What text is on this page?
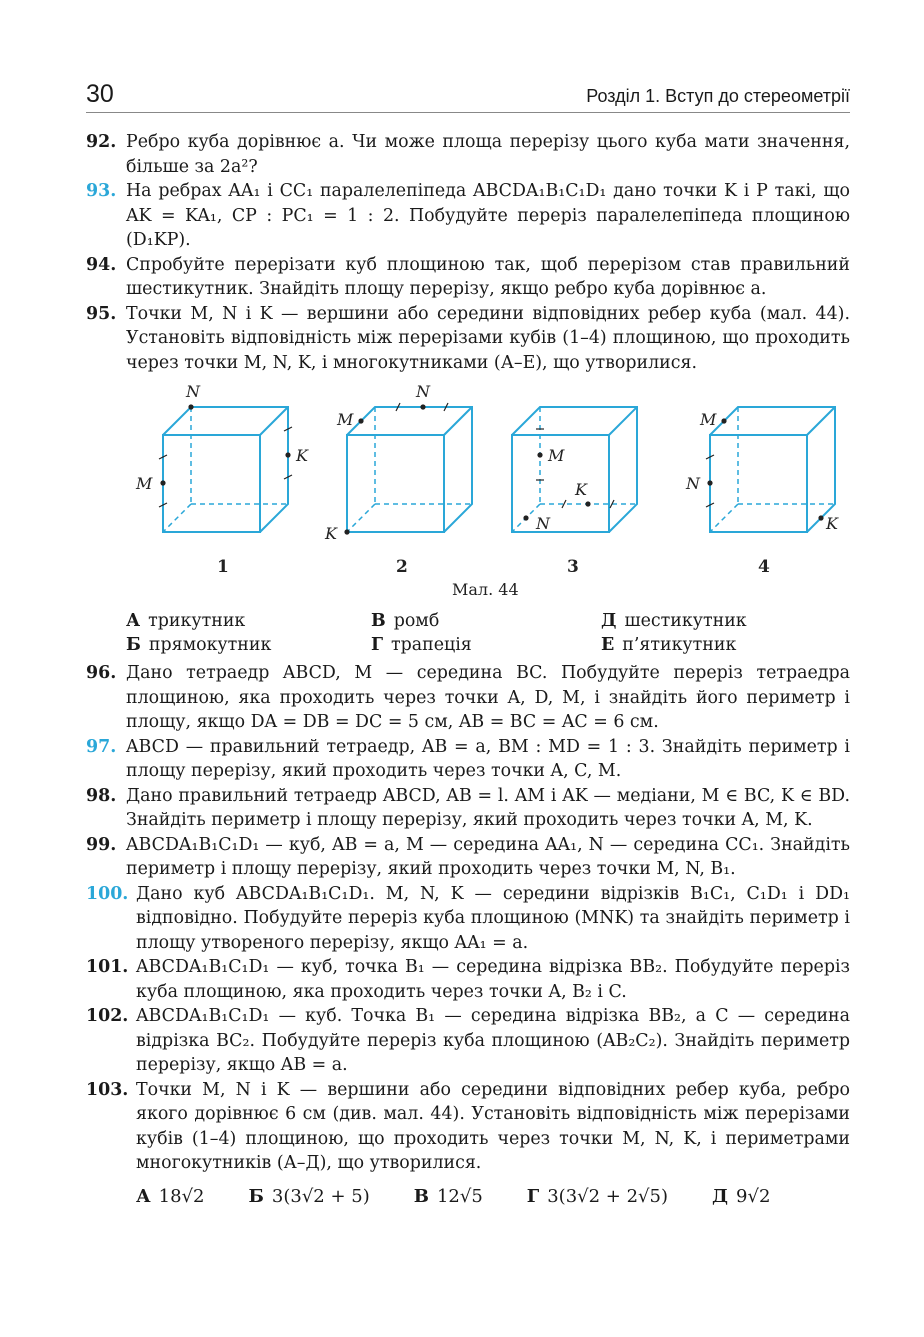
30	Розділ 1. Вступ до стереометрії
92. Ребро куба дорівнює a. Чи може площа перерізу цього куба мати значення, більше за 2a²?
93. На ребрах AA₁ і CC₁ паралелепіпеда ABCDA₁B₁C₁D₁ дано точки K і P такі, що AK = KA₁, CP : PC₁ = 1 : 2. Побудуйте переріз паралелепіпеда площиною (D₁KP).
94. Спробуйте перерізати куб площиною так, щоб перерізом став правильний шестикутник. Знайдіть площу перерізу, якщо ребро куба дорівнює a.
95. Точки M, N і K — вершини або середини відповідних ребер куба (мал. 44). Установіть відповідність між перерізами кубів (1–4) площиною, що проходить через точки M, N, K, і многокутниками (А–Е), що утворилися.
N
K
M
M
N
K
M
K
N
M
N
K
1	2	3	4
Мал. 44
А трикутник	В ромб	Д шестикутник
Б прямокутник	Г трапеція	Е п’ятикутник
96. Дано тетраедр ABCD, M — середина BC. Побудуйте переріз тетраедра площиною, яка проходить через точки A, D, M, і знайдіть його периметр і площу, якщо DA = DB = DC = 5 см, AB = BC = AC = 6 см.
97. ABCD — правильний тетраедр, AB = a, BM : MD = 1 : 3. Знайдіть периметр і площу перерізу, який проходить через точки A, C, M.
98. Дано правильний тетраедр ABCD, AB = l. AM і AK — медіани, M ∈ BC, K ∈ BD. Знайдіть периметр і площу перерізу, який проходить через точки A, M, K.
99. ABCDA₁B₁C₁D₁ — куб, AB = a, M — середина AA₁, N — середина CC₁. Знайдіть периметр і площу перерізу, який проходить через точки M, N, B₁.
100. Дано куб ABCDA₁B₁C₁D₁. M, N, K — середини відрізків B₁C₁, C₁D₁ і DD₁ відповідно. Побудуйте переріз куба площиною (MNK) та знайдіть периметр і площу утвореного перерізу, якщо AA₁ = a.
101. ABCDA₁B₁C₁D₁ — куб, точка B₁ — середина відрізка BB₂. Побудуйте переріз куба площиною, яка проходить через точки A, B₂ і C.
102. ABCDA₁B₁C₁D₁ — куб. Точка B₁ — середина відрізка BB₂, а C — середина відрізка BC₂. Побудуйте переріз куба площиною (AB₂C₂). Знайдіть периметр перерізу, якщо AB = a.
103. Точки M, N і K — вершини або середини відповідних ребер куба, ребро якого дорівнює 6 см (див. мал. 44). Установіть відповідність між перерізами кубів (1–4) площиною, що проходить через точки M, N, K, і периметрами многокутників (А–Д), що утворилися.
А 18√2 Б 3(3√2 + 5) В 12√5 Г 3(3√2 + 2√5) Д 9√2
